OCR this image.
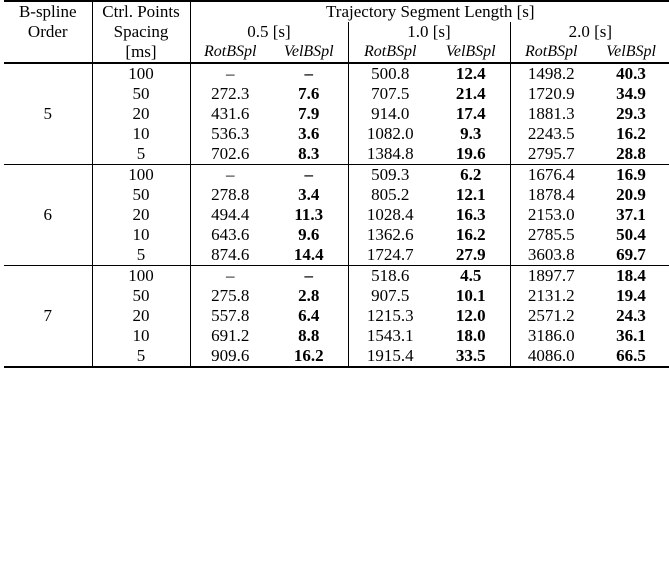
B-spline	Ctrl. Points	Trajectory Segment Length [s]					
Order	Spacing	0.5 [s]		1.0 [s]		2.0 [s]	
	[ms]	RotBSpl	VelBSpl	RotBSpl	VelBSpl	RotBSpl	VelBSpl
	100	–	–	500.8	12.4	1498.2	40.3
	50	272.3	7.6	707.5	21.4	1720.9	34.9
5	20	431.6	7.9	914.0	17.4	1881.3	29.3
	10	536.3	3.6	1082.0	9.3	2243.5	16.2
	5	702.6	8.3	1384.8	19.6	2795.7	28.8
	100	–	–	509.3	6.2	1676.4	16.9
	50	278.8	3.4	805.2	12.1	1878.4	20.9
6	20	494.4	11.3	1028.4	16.3	2153.0	37.1
	10	643.6	9.6	1362.6	16.2	2785.5	50.4
	5	874.6	14.4	1724.7	27.9	3603.8	69.7
	100	–	–	518.6	4.5	1897.7	18.4
	50	275.8	2.8	907.5	10.1	2131.2	19.4
7	20	557.8	6.4	1215.3	12.0	2571.2	24.3
	10	691.2	8.8	1543.1	18.0	3186.0	36.1
	5	909.6	16.2	1915.4	33.5	4086.0	66.5
